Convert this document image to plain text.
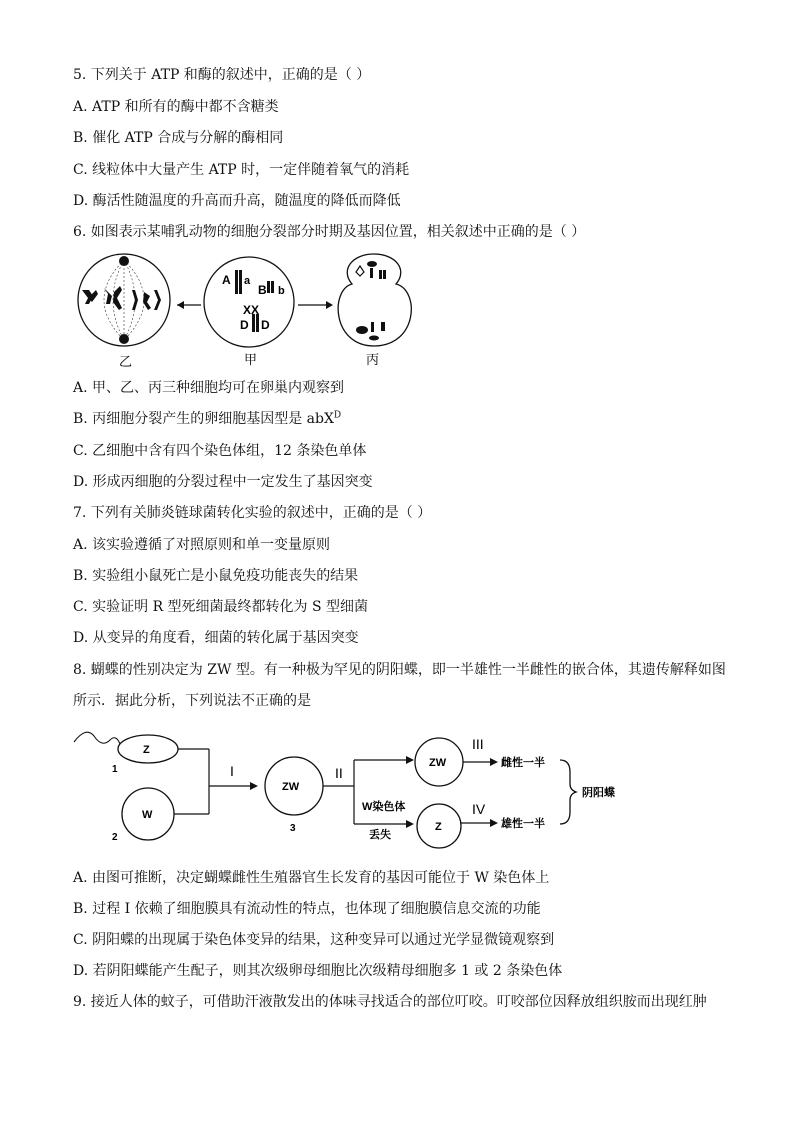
5. 下列关于 ATP 和酶的叙述中，正确的是（ ）
A. ATP 和所有的酶中都不含糖类
B. 催化 ATP 合成与分解的酶相同
C. 线粒体中大量产生 ATP 时，一定伴随着氧气的消耗
D. 酶活性随温度的升高而升高，随温度的降低而降低
6. 如图表示某哺乳动物的细胞分裂部分时期及基因位置，相关叙述中正确的是（ ）
乙
A a
B b
XX
D D
甲	丙
A. 甲、乙、丙三种细胞均可在卵巢内观察到
B. 丙细胞分裂产生的卵细胞基因型是 abX$^D$
C. 乙细胞中含有四个染色体组，12 条染色单体
D. 形成丙细胞的分裂过程中一定发生了基因突变
7. 下列有关肺炎链球菌转化实验的叙述中，正确的是（ ）
A. 该实验遵循了对照原则和单一变量原则
B. 实验组小鼠死亡是小鼠免疫功能丧失的结果
C. 实验证明 R 型死细菌最终都转化为 S 型细菌
D. 从变异的角度看，细菌的转化属于基因突变
8. 蝴蝶的性别决定为 ZW 型。有一种极为罕见的阴阳蝶，即一半雄性一半雌性的嵌合体，其遗传解释如图
所示．据此分析，下列说法不正确的是
Z
1
W
2
I
ZW
3
II
W染色体
丢失
ZW
III
雌性一半
Z
IV
雄性一半
阴阳蝶
A. 由图可推断，决定蝴蝶雌性生殖器官生长发育的基因可能位于 W 染色体上
B. 过程 I 依赖了细胞膜具有流动性的特点，也体现了细胞膜信息交流的功能
C. 阴阳蝶的出现属于染色体变异的结果，这种变异可以通过光学显微镜观察到
D. 若阴阳蝶能产生配子，则其次级卵母细胞比次级精母细胞多 1 或 2 条染色体
9. 接近人体的蚊子，可借助汗液散发出的体味寻找适合的部位叮咬。叮咬部位因释放组织胺而出现红肿
